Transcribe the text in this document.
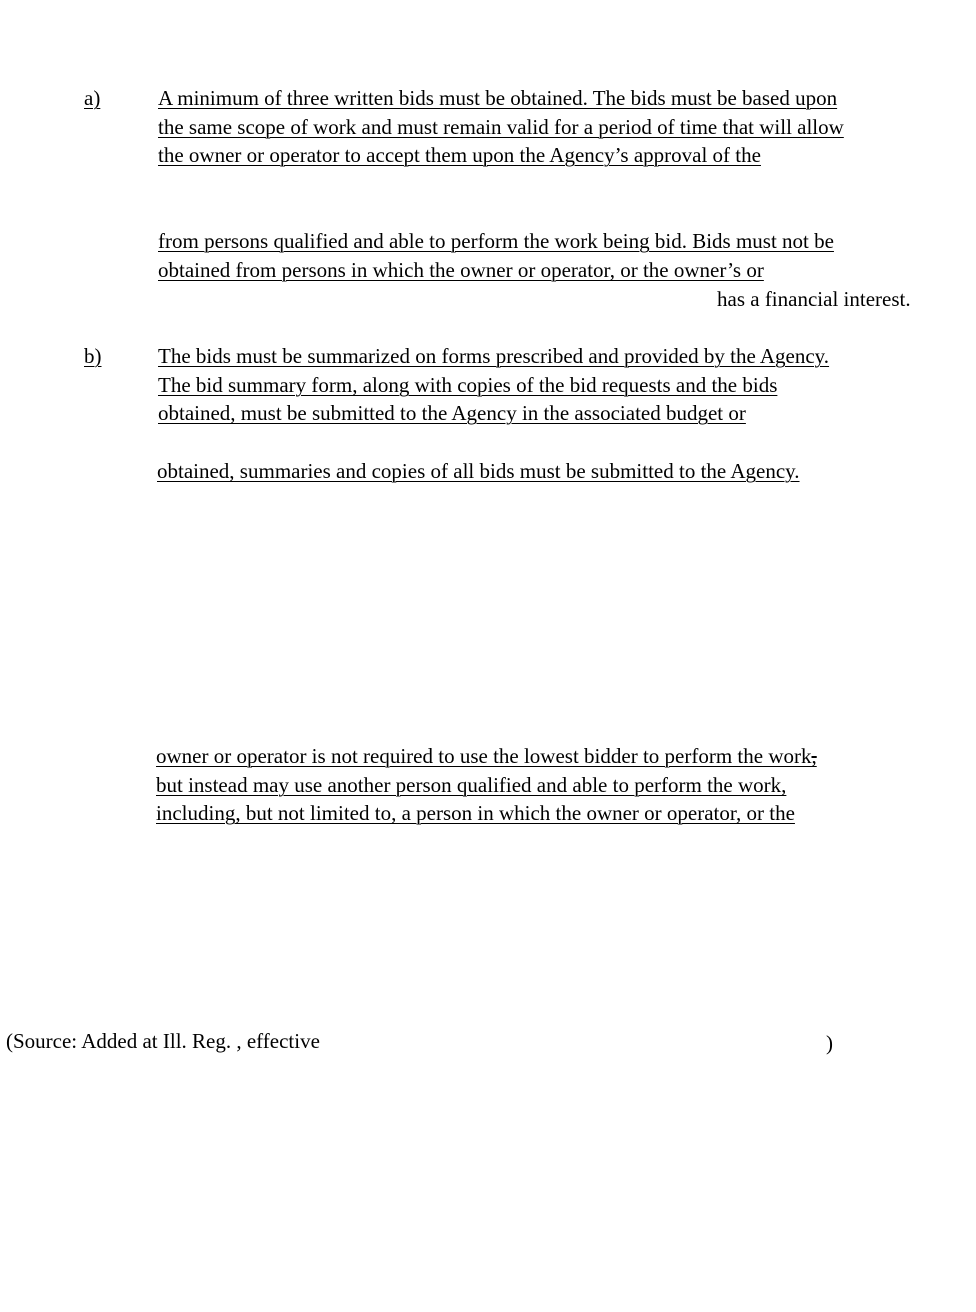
a)	A minimum of three written bids must be obtained. The bids must be based upon
the same scope of work and must remain valid for a period of time that will allow
the owner or operator to accept them upon the Agency’s approval of the
from persons qualified and able to perform the work being bid. Bids must not be
obtained from persons in which the owner or operator, or the owner’s or
has a financial interest.
b)	The bids must be summarized on forms prescribed and provided by the Agency.
The bid summary form, along with copies of the bid requests and the bids
obtained, must be submitted to the Agency in the associated budget or
obtained, summaries and copies of all bids must be submitted to the Agency.
owner or operator is not required to use the lowest bidder to perform the work,
but instead may use another person qualified and able to perform the work,
including, but not limited to, a person in which the owner or operator, or the
(Source: Added at Ill. Reg. , effective	)
